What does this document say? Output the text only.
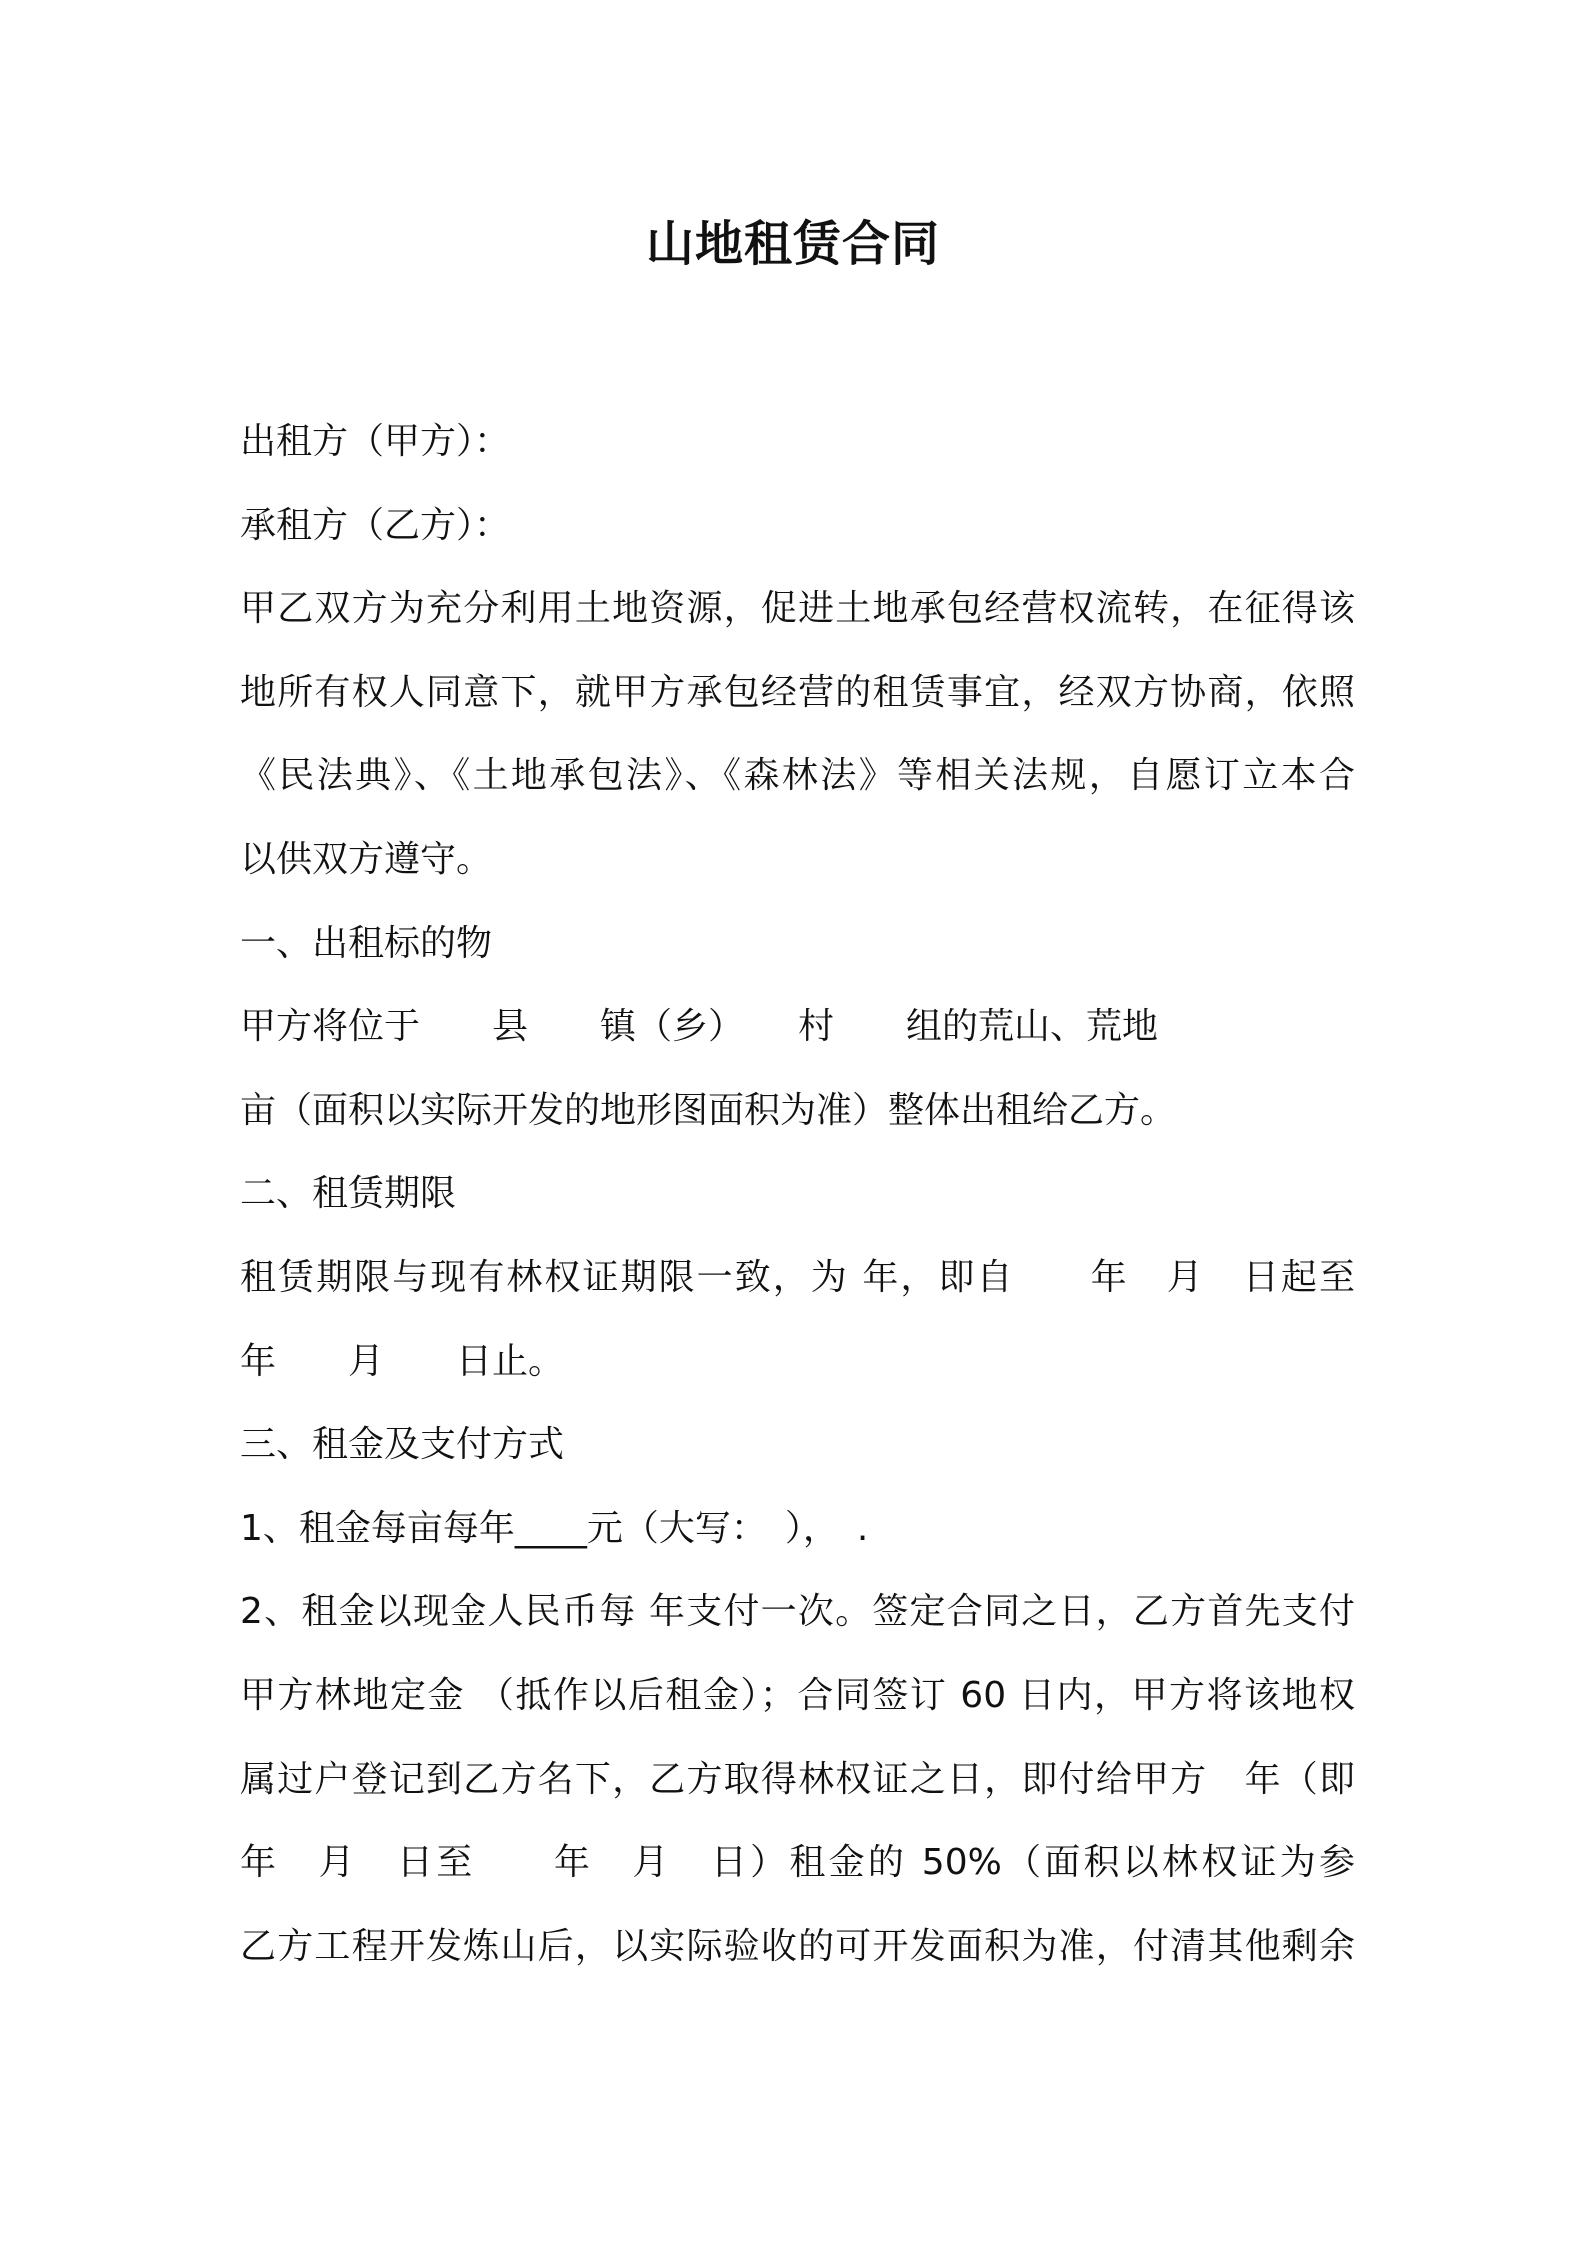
山地租赁合同
出租方（甲方）：
承租方（乙方）：
甲乙双方为充分利用土地资源，促进土地承包经营权流转，在征得该
地所有权人同意下，就甲方承包经营的租赁事宜，经双方协商，依照
《民法典》、《土地承包法》、《森林法》等相关法规，自愿订立本合
以供双方遵守。
一、出租标的物
甲方将位于　　县　　镇（乡）　　村　　组的荒山、荒地
亩（面积以实际开发的地形图面积为准）整体出租给乙方。
二、租赁期限
租赁期限与现有林权证期限一致，为 年，即自　　年　月　日起至
年　　月　　日止。
三、租金及支付方式
1、租金每亩每年____元（大写：　），　.
2、租金以现金人民币每 年支付一次。签定合同之日，乙方首先支付
甲方林地定金 （抵作以后租金）；合同签订 60 日内，甲方将该地权
属过户登记到乙方名下，乙方取得林权证之日，即付给甲方　年（即
年　月　日至　　年　月　日）租金的 50%（面积以林权证为参
乙方工程开发炼山后，以实际验收的可开发面积为准，付清其他剩余
